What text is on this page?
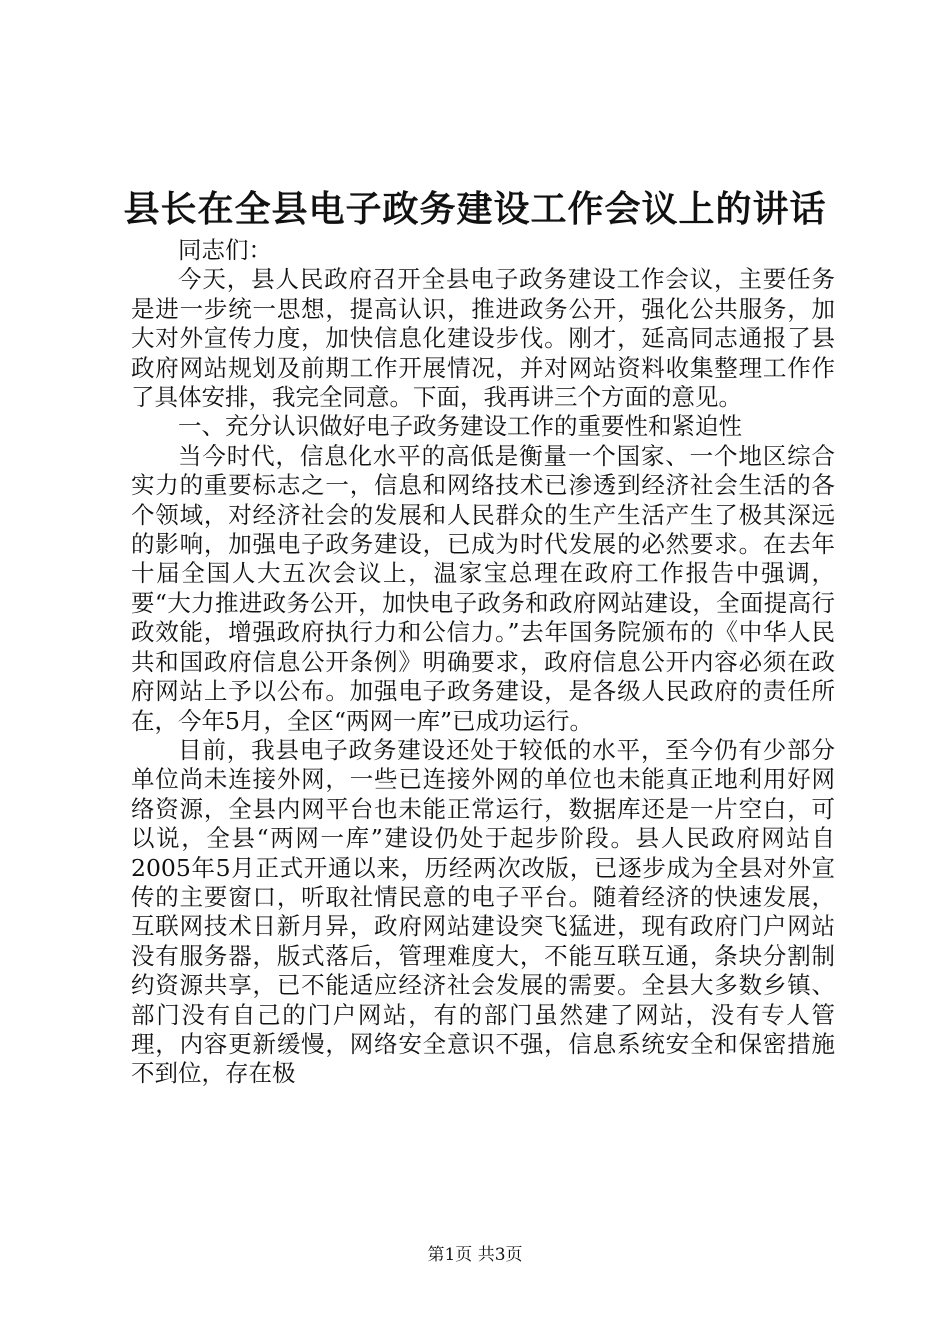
县长在全县电子政务建设工作会议上的讲话

同志们：

今天，县人民政府召开全县电子政务建设工作会议，主要任务是进一步统一思想，提高认识，推进政务公开，强化公共服务，加大对外宣传力度，加快信息化建设步伐。刚才，延高同志通报了县政府网站规划及前期工作开展情况，并对网站资料收集整理工作作了具体安排，我完全同意。下面，我再讲三个方面的意见。

一、充分认识做好电子政务建设工作的重要性和紧迫性

当今时代，信息化水平的高低是衡量一个国家、一个地区综合实力的重要标志之一，信息和网络技术已渗透到经济社会生活的各个领域，对经济社会的发展和人民群众的生产生活产生了极其深远的影响，加强电子政务建设，已成为时代发展的必然要求。在去年十届全国人大五次会议上，温家宝总理在政府工作报告中强调，要“大力推进政务公开，加快电子政务和政府网站建设，全面提高行政效能，增强政府执行力和公信力。”去年国务院颁布的《中华人民共和国政府信息公开条例》明确要求，政府信息公开内容必须在政府网站上予以公布。加强电子政务建设，是各级人民政府的责任所在，今年5月，全区“两网一库”已成功运行。

目前，我县电子政务建设还处于较低的水平，至今仍有少部分单位尚未连接外网，一些已连接外网的单位也未能真正地利用好网络资源，全县内网平台也未能正常运行，数据库还是一片空白，可以说，全县“两网一库”建设仍处于起步阶段。县人民政府网站自2005年5月正式开通以来，历经两次改版，已逐步成为全县对外宣传的主要窗口，听取社情民意的电子平台。随着经济的快速发展，互联网技术日新月异，政府网站建设突飞猛进，现有政府门户网站没有服务器，版式落后，管理难度大，不能互联互通，条块分割制约资源共享，已不能适应经济社会发展的需要。全县大多数乡镇、部门没有自己的门户网站，有的部门虽然建了网站，没有专人管理，内容更新缓慢，网络安全意识不强，信息系统安全和保密措施不到位，存在极

第1页 共3页
